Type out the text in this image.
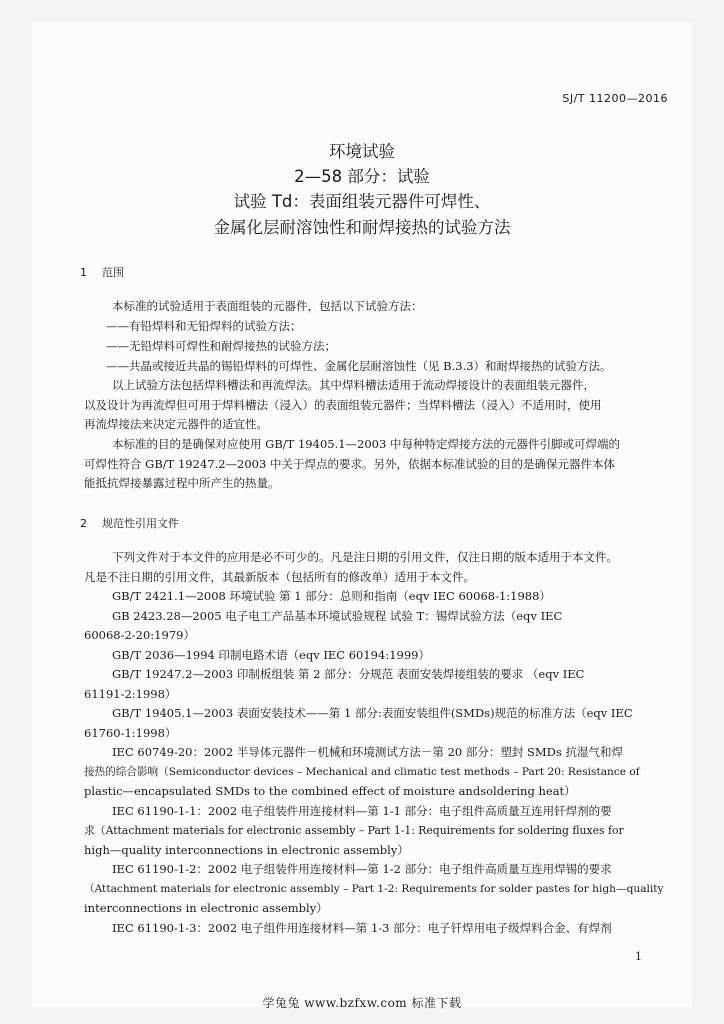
SJ/T 11200—2016
环境试验
2—58 部分：试验
试验 Td：表面组装元器件可焊性、
金属化层耐溶蚀性和耐焊接热的试验方法
1 范围
本标准的试验适用于表面组装的元器件，包括以下试验方法：
——有铅焊料和无铅焊料的试验方法；
——无铅焊料可焊性和耐焊接热的试验方法；
——共晶或接近共晶的锡铅焊料的可焊性、金属化层耐溶蚀性（见 B.3.3）和耐焊接热的试验方法。
以上试验方法包括焊料槽法和再流焊法。其中焊料槽法适用于流动焊接设计的表面组装元器件，
以及设计为再流焊但可用于焊料槽法（浸入）的表面组装元器件；当焊料槽法（浸入）不适用时，使用
再流焊接法来决定元器件的适宜性。
本标准的目的是确保对应使用 GB/T 19405.1—2003 中每种特定焊接方法的元器件引脚或可焊端的
可焊性符合 GB/T 19247.2—2003 中关于焊点的要求。另外，依据本标准试验的目的是确保元器件本体
能抵抗焊接暴露过程中所产生的热量。
2 规范性引用文件
下列文件对于本文件的应用是必不可少的。凡是注日期的引用文件，仅注日期的版本适用于本文件。
凡是不注日期的引用文件，其最新版本（包括所有的修改单）适用于本文件。
GB/T 2421.1—2008 环境试验 第 1 部分：总则和指南（eqv IEC 60068-1:1988）
GB 2423.28—2005 电子电工产品基本环境试验规程 试验 T：锡焊试验方法（eqv IEC
60068-2-20:1979）
GB/T 2036—1994 印制电路术语（eqv IEC 60194:1999）
GB/T 19247.2—2003 印制板组装 第 2 部分：分规范 表面安装焊接组装的要求 （eqv IEC
61191-2:1998）
GB/T 19405.1—2003 表面安装技术——第 1 部分:表面安装组件(SMDs)规范的标准方法（eqv IEC
61760-1:1998）
IEC 60749-20：2002 半导体元器件－机械和环境测试方法－第 20 部分：塑封 SMDs 抗湿气和焊
接热的综合影响（Semiconductor devices – Mechanical and climatic test methods – Part 20: Resistance of
plastic—encapsulated SMDs to the combined effect of moisture andsoldering heat）
IEC 61190-1-1：2002 电子组装件用连接材料—第 1-1 部分：电子组件高质量互连用钎焊剂的要
求（Attachment materials for electronic assembly – Part 1-1: Requirements for soldering fluxes for
high—quality interconnections in electronic assembly）
IEC 61190-1-2：2002 电子组装件用连接材料—第 1-2 部分：电子组件高质量互连用焊锡的要求
（Attachment materials for electronic assembly – Part 1-2: Requirements for solder pastes for high—quality
interconnections in electronic assembly）
IEC 61190-1-3：2002 电子组件用连接材料—第 1-3 部分：电子钎焊用电子级焊料合金、有焊剂
1
学兔兔 www.bzfxw.com 标准下载
